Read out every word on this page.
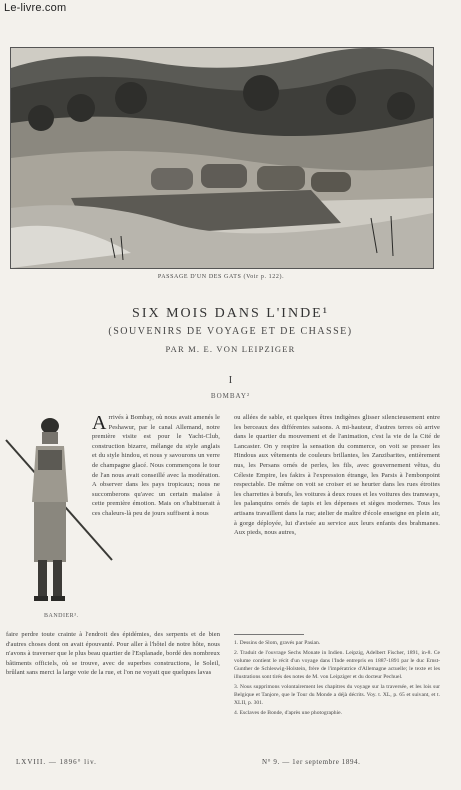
Le-livre.com
PASSAGE D'UN DES GATS (Voir p. 122).
SIX MOIS DANS L'INDE¹
(SOUVENIRS DE VOYAGE ET DE CHASSE)
PAR M. E. VON LEIPZIGER
I
BOMBAY²
BANDIER³.
Arrivés à Bombay, où nous avait amenés le Peshawur, par le canal Allemand, notre première visite est pour le Yacht-Club, construction bizarre, mélange du style anglais et du style hindou, et nous y savourons un verre de champagne glacé. Nous commençons le tour de l'an nous avait conseillé avec la modération. A observer dans les pays tropicaux; nous ne succomberons qu'avec un certain malaise à cette première émotion. Mais on s'habituerait à ces chaleurs-là peu de jours suffisent à nous
faire perdre toute crainte à l'endroit des épidémies, des serpents et de bien d'autres choses dont on avait épouvanté. Pour aller à l'hôtel de notre hôte, nous n'avons à traverser que le plus beau quartier de l'Esplanade, bordé des nombreux bâtiments officiels, où se trouve, avec de superbes constructions, le Soleil, brûlant sans merci la large voie de la rue, et l'on ne voyait que quelques lavas
ou allées de sable, et quelques êtres indigènes glisser silencieusement entre les berceaux des différentes saisons. A mi-hauteur, d'autres terres où arrive dans le quartier du mouvement et de l'animation, c'est la vie de la Cité de Lancaster. On y respire la sensation du commerce, on voit se presser les Hindous aux vêtements de couleurs brillantes, les Zanzibarites, entièrement nus, les Persans ornés de perles, les fils, avec gouvernement vêtus, du Céleste Empire, les fakirs à l'expression étrange, les Parsis à l'embonpoint respectable. De même on voit se croiser et se heurter dans les rues étroites les charrettes à bœufs, les voitures à deux roues et les voitures des tramways, les palanquins ornés de tapis et les dépenses et sièges modernes. Tous les artisans travaillent dans la rue; atelier de maître d'école enseigne en plein air, à gorge déployée, lui d'avisée au service aux leurs enfants des brahmanes. Aux pieds, nous autres,

1. Dessins de Slom, gravés par Pasian.

2. Traduit de l'ouvrage Sechs Monate in Indien. Leipzig, Adelbert Fischer, 1891, in-8. Ce volume contient le récit d'un voyage dans l'Inde entrepris en 1887-1891 par le duc Ernst-Gunther de Schleswig-Holstein, frère de l'impératrice d'Allemagne actuelle; le texte et les illustrations sont tirés des notes de M. von Leipziger et du docteur Pechuel.

3. Nous supprimons volontairement les chapitres du voyage sur la traversée, et les lois sur Belgique et Tanjore, que le Tour du Monde a déjà décrits. Voy. t. XL, p. 65 et suivant, et t. XLII, p. 301.

4. Esclaves de Bonde, d'après une photographie.

LXVIII. — 1896° liv.	N° 9. — 1er septembre 1894.
